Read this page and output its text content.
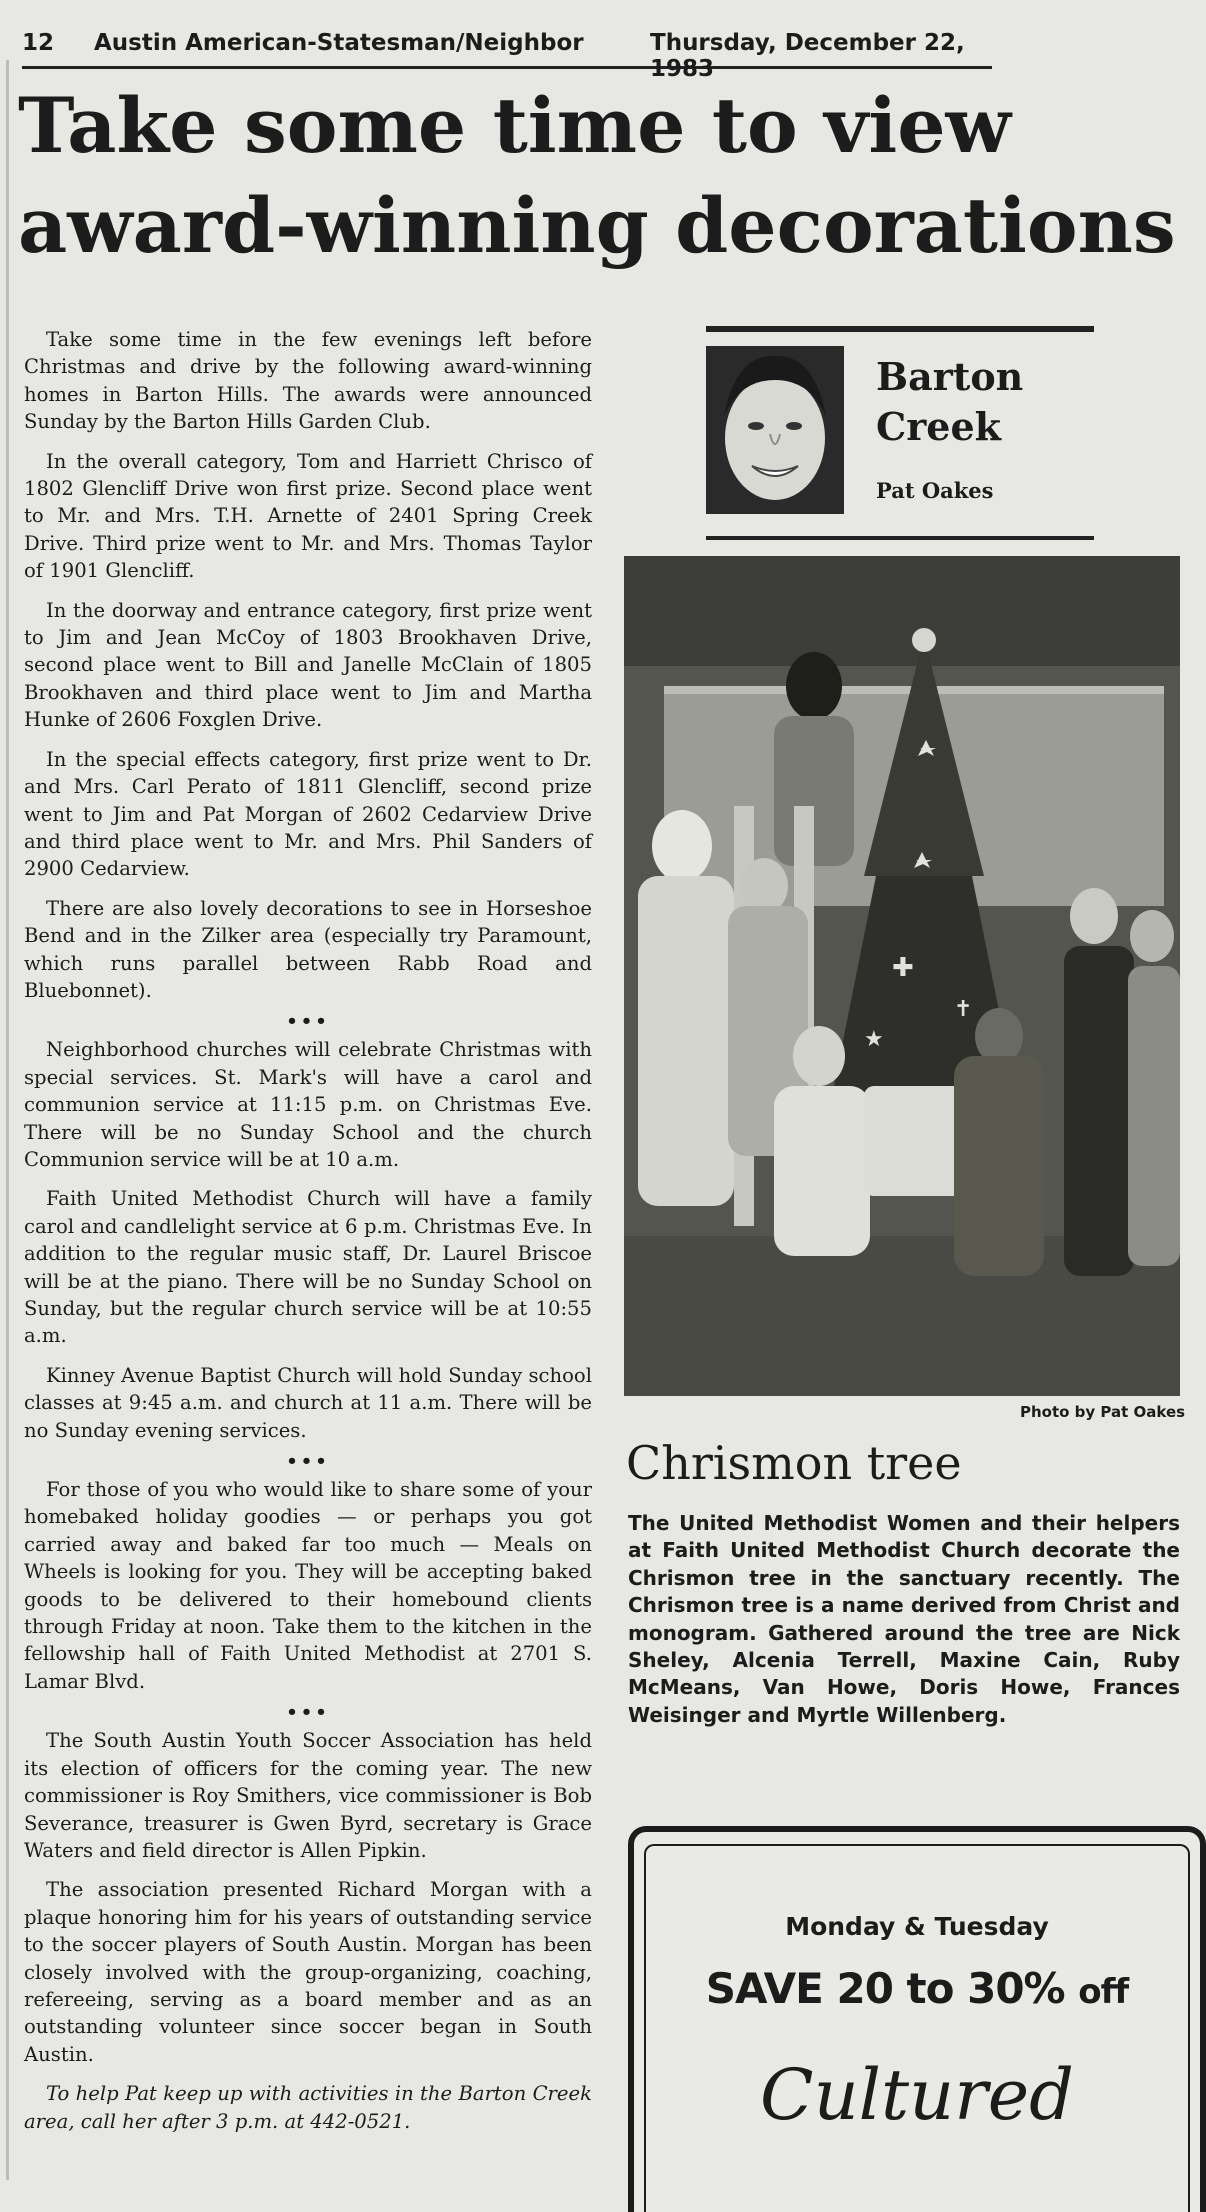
12 Austin American-Statesman/Neighbor	Thursday, December 22, 1983
Take some time to view
award-winning decorations

Take some time in the few evenings left before Christmas and drive by the following award-winning homes in Barton Hills. The awards were announced Sunday by the Barton Hills Garden Club.

In the overall category, Tom and Harriett Chrisco of 1802 Glencliff Drive won first prize. Second place went to Mr. and Mrs. T.H. Arnette of 2401 Spring Creek Drive. Third prize went to Mr. and Mrs. Thomas Taylor of 1901 Glencliff.

In the doorway and entrance category, first prize went to Jim and Jean McCoy of 1803 Brookhaven Drive, second place went to Bill and Janelle McClain of 1805 Brookhaven and third place went to Jim and Martha Hunke of 2606 Foxglen Drive.

In the special effects category, first prize went to Dr. and Mrs. Carl Perato of 1811 Glencliff, second prize went to Jim and Pat Morgan of 2602 Cedarview Drive and third place went to Mr. and Mrs. Phil Sanders of 2900 Cedarview.

There are also lovely decorations to see in Horseshoe Bend and in the Zilker area (especially try Paramount, which runs parallel between Rabb Road and Bluebonnet).

•••

Neighborhood churches will celebrate Christmas with special services. St. Mark's will have a carol and communion service at 11:15 p.m. on Christmas Eve. There will be no Sunday School and the church Communion service will be at 10 a.m.

Faith United Methodist Church will have a family carol and candlelight service at 6 p.m. Christmas Eve. In addition to the regular music staff, Dr. Laurel Briscoe will be at the piano. There will be no Sunday School on Sunday, but the regular church service will be at 10:55 a.m.

Kinney Avenue Baptist Church will hold Sunday school classes at 9:45 a.m. and church at 11 a.m. There will be no Sunday evening services.

•••

For those of you who would like to share some of your homebaked holiday goodies — or perhaps you got carried away and baked far too much — Meals on Wheels is looking for you. They will be accepting baked goods to be delivered to their homebound clients through Friday at noon. Take them to the kitchen in the fellowship hall of Faith United Methodist at 2701 S. Lamar Blvd.

•••

The South Austin Youth Soccer Association has held its election of officers for the coming year. The new commissioner is Roy Smithers, vice commissioner is Bob Severance, treasurer is Gwen Byrd, secretary is Grace Waters and field director is Allen Pipkin.

The association presented Richard Morgan with a plaque honoring him for his years of outstanding service to the soccer players of South Austin. Morgan has been closely involved with the group-organizing, coaching, refereeing, serving as a board member and as an outstanding volunteer since soccer began in South Austin.

To help Pat keep up with activities in the Barton Creek area, call her after 3 p.m. at 442-0521.

Barton
Creek
Pat Oakes
✚
✝
★
Photo by Pat Oakes
Chrismon tree
The United Methodist Women and their helpers at Faith United Methodist Church decorate the Chrismon tree in the sanctuary recently. The Chrismon tree is a name derived from Christ and monogram. Gathered around the tree are Nick Sheley, Alcenia Terrell, Maxine Cain, Ruby McMeans, Van Howe, Doris Howe, Frances Weisinger and Myrtle Willenberg.
Monday & Tuesday
SAVE 20 to 30% off
Cultured
